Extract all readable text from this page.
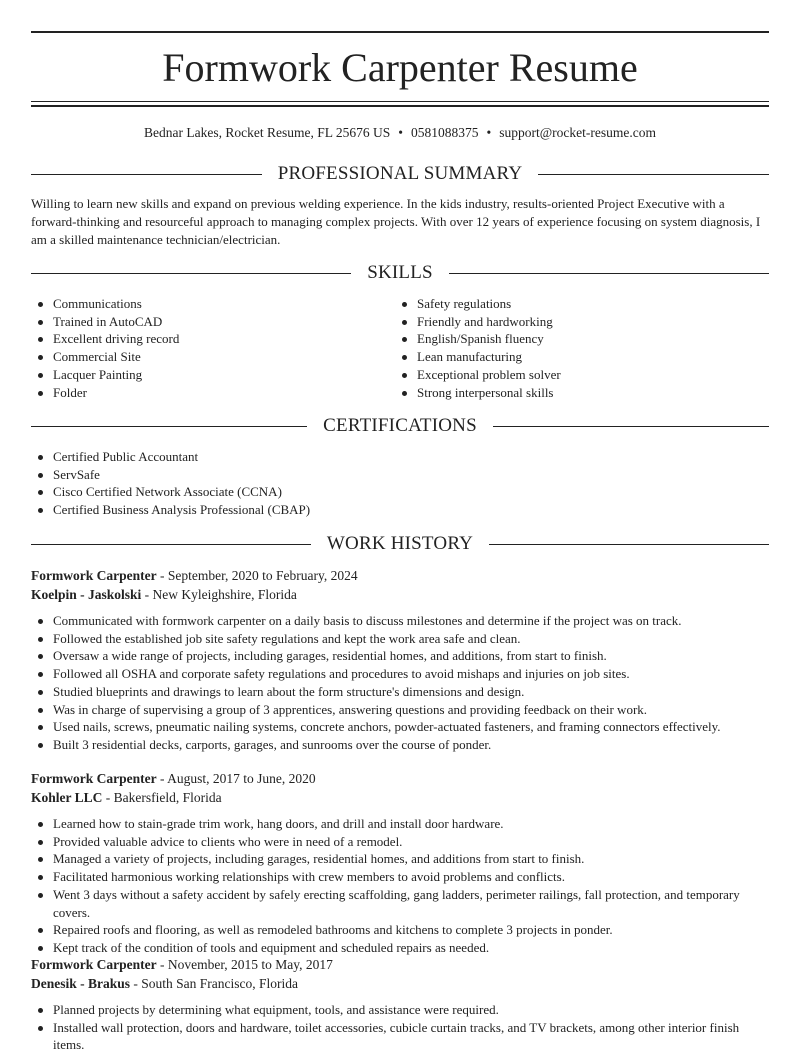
Formwork Carpenter Resume
Bednar Lakes, Rocket Resume, FL 25676 US • 0581088375 • support@rocket-resume.com
PROFESSIONAL SUMMARY
Willing to learn new skills and expand on previous welding experience. In the kids industry, results-oriented Project Executive with a forward-thinking and resourceful approach to managing complex projects. With over 12 years of experience focusing on system diagnosis, I am a skilled maintenance technician/electrician.
SKILLS
Communications
Trained in AutoCAD
Excellent driving record
Commercial Site
Lacquer Painting
Folder
Safety regulations
Friendly and hardworking
English/Spanish fluency
Lean manufacturing
Exceptional problem solver
Strong interpersonal skills
CERTIFICATIONS
Certified Public Accountant
ServSafe
Cisco Certified Network Associate (CCNA)
Certified Business Analysis Professional (CBAP)
WORK HISTORY
Formwork Carpenter - September, 2020 to February, 2024
Koelpin - Jaskolski - New Kyleighshire, Florida
Communicated with formwork carpenter on a daily basis to discuss milestones and determine if the project was on track.
Followed the established job site safety regulations and kept the work area safe and clean.
Oversaw a wide range of projects, including garages, residential homes, and additions, from start to finish.
Followed all OSHA and corporate safety regulations and procedures to avoid mishaps and injuries on job sites.
Studied blueprints and drawings to learn about the form structure's dimensions and design.
Was in charge of supervising a group of 3 apprentices, answering questions and providing feedback on their work.
Used nails, screws, pneumatic nailing systems, concrete anchors, powder-actuated fasteners, and framing connectors effectively.
Built 3 residential decks, carports, garages, and sunrooms over the course of ponder.
Formwork Carpenter - August, 2017 to June, 2020
Kohler LLC - Bakersfield, Florida
Learned how to stain-grade trim work, hang doors, and drill and install door hardware.
Provided valuable advice to clients who were in need of a remodel.
Managed a variety of projects, including garages, residential homes, and additions from start to finish.
Facilitated harmonious working relationships with crew members to avoid problems and conflicts.
Went 3 days without a safety accident by safely erecting scaffolding, gang ladders, perimeter railings, fall protection, and temporary covers.
Repaired roofs and flooring, as well as remodeled bathrooms and kitchens to complete 3 projects in ponder.
Kept track of the condition of tools and equipment and scheduled repairs as needed.
Formwork Carpenter - November, 2015 to May, 2017
Denesik - Brakus - South San Francisco, Florida
Planned projects by determining what equipment, tools, and assistance were required.
Installed wall protection, doors and hardware, toilet accessories, cubicle curtain tracks, and TV brackets, among other interior finish items.
